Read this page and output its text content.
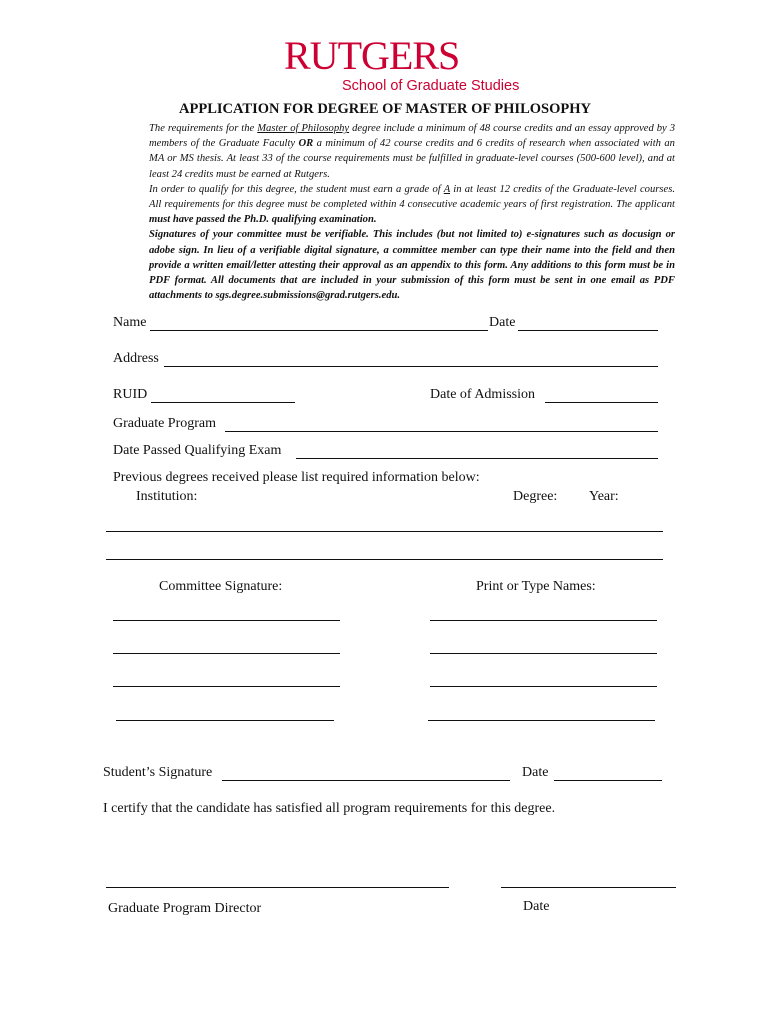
RUTGERS
School of Graduate Studies
APPLICATION FOR DEGREE OF MASTER OF PHILOSOPHY

The requirements for the Master of Philosophy degree include a minimum of 48 course credits and an essay approved by 3 members of the Graduate Faculty OR a minimum of 42 course credits and 6 credits of research when associated with an MA or MS thesis. At least 33 of the course requirements must be fulfilled in graduate-level courses (500-600 level), and at least 24 credits must be earned at Rutgers.

In order to qualify for this degree, the student must earn a grade of A in at least 12 credits of the Graduate-level courses. All requirements for this degree must be completed within 4 consecutive academic years of first registration. The applicant must have passed the Ph.D. qualifying examination.

Signatures of your committee must be verifiable. This includes (but not limited to) e-signatures such as docusign or adobe sign. In lieu of a verifiable digital signature, a committee member can type their name into the field and then provide a written email/letter attesting their approval as an appendix to this form. Any additions to this form must be in PDF format. All documents that are included in your submission of this form must be sent in one email as PDF attachments to sgs.degree.submissions@grad.rutgers.edu.

Name	Date
Address
RUID	Date of Admission
Graduate Program
Date Passed Qualifying Exam
Previous degrees received please list required information below:
Institution:	Degree: Year:
Committee Signature:	Print or Type Names:
Student’s Signature	Date
I certify that the candidate has satisfied all program requirements for this degree.
Graduate Program Director	Date
